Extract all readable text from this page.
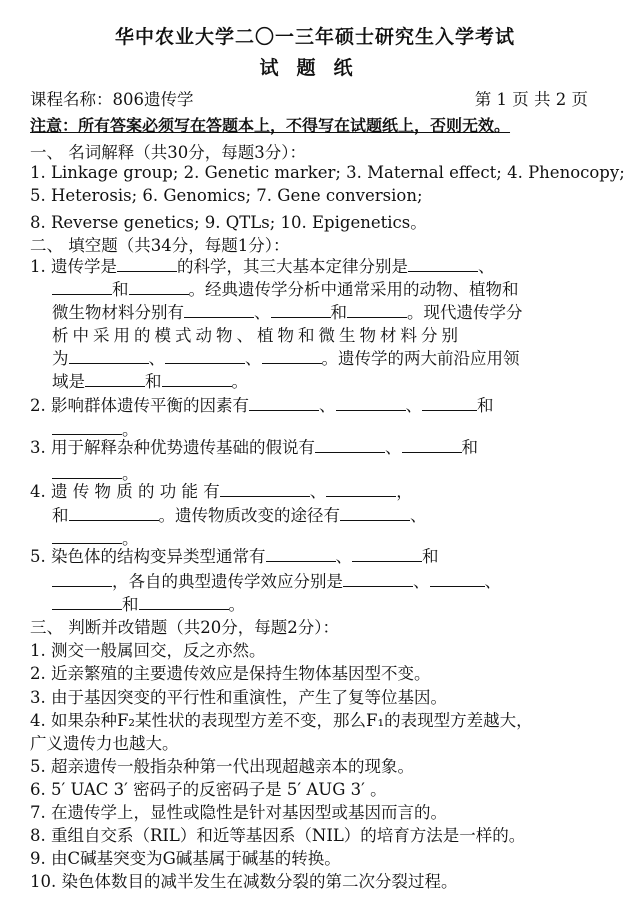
华中农业大学二〇一三年硕士研究生入学考试
试题纸
课程名称：806遗传学	第 1 页 共 2 页
注意：所有答案必须写在答题本上，不得写在试题纸上，否则无效。
一、 名词解释（共30分，每题3分）：
1. Linkage group; 2. Genetic marker; 3. Maternal effect; 4. Phenocopy;
5. Heterosis; 6. Genomics; 7. Gene conversion;
8. Reverse genetics; 9. QTLs; 10. Epigenetics。
二、 填空题（共34分，每题1分）：
1. 遗传学是	的科学，其三大基本定律分别是	、
和	。经典遗传学分析中通常采用的动物、植物和
微生物材料分别有	、	和	。现代遗传学分
析中采用的模式动物、植物和微生物材料分别
为	、	、	。遗传学的两大前沿应用领
域是	和	。
2. 影响群体遗传平衡的因素有	、	、	和
。
3. 用于解释杂种优势遗传基础的假说有	、	和
。
4. 遗 传 物 质 的 功 能 有	、	，
和	。遗传物质改变的途径有	、
。
5. 染色体的结构变异类型通常有	、	和
，各自的典型遗传学效应分别是	、	、
和	。
三、 判断并改错题（共20分，每题2分）：
1. 测交一般属回交，反之亦然。
2. 近亲繁殖的主要遗传效应是保持生物体基因型不变。
3. 由于基因突变的平行性和重演性，产生了复等位基因。
4. 如果杂种F₂某性状的表现型方差不变，那么F₁的表现型方差越大，
广义遗传力也越大。
5. 超亲遗传一般指杂种第一代出现超越亲本的现象。
6. 5′ UAC 3′ 密码子的反密码子是 5′ AUG 3′ 。
7. 在遗传学上，显性或隐性是针对基因型或基因而言的。
8. 重组自交系（RIL）和近等基因系（NIL）的培育方法是一样的。
9. 由C碱基突变为G碱基属于碱基的转换。
10. 染色体数目的减半发生在减数分裂的第二次分裂过程。
